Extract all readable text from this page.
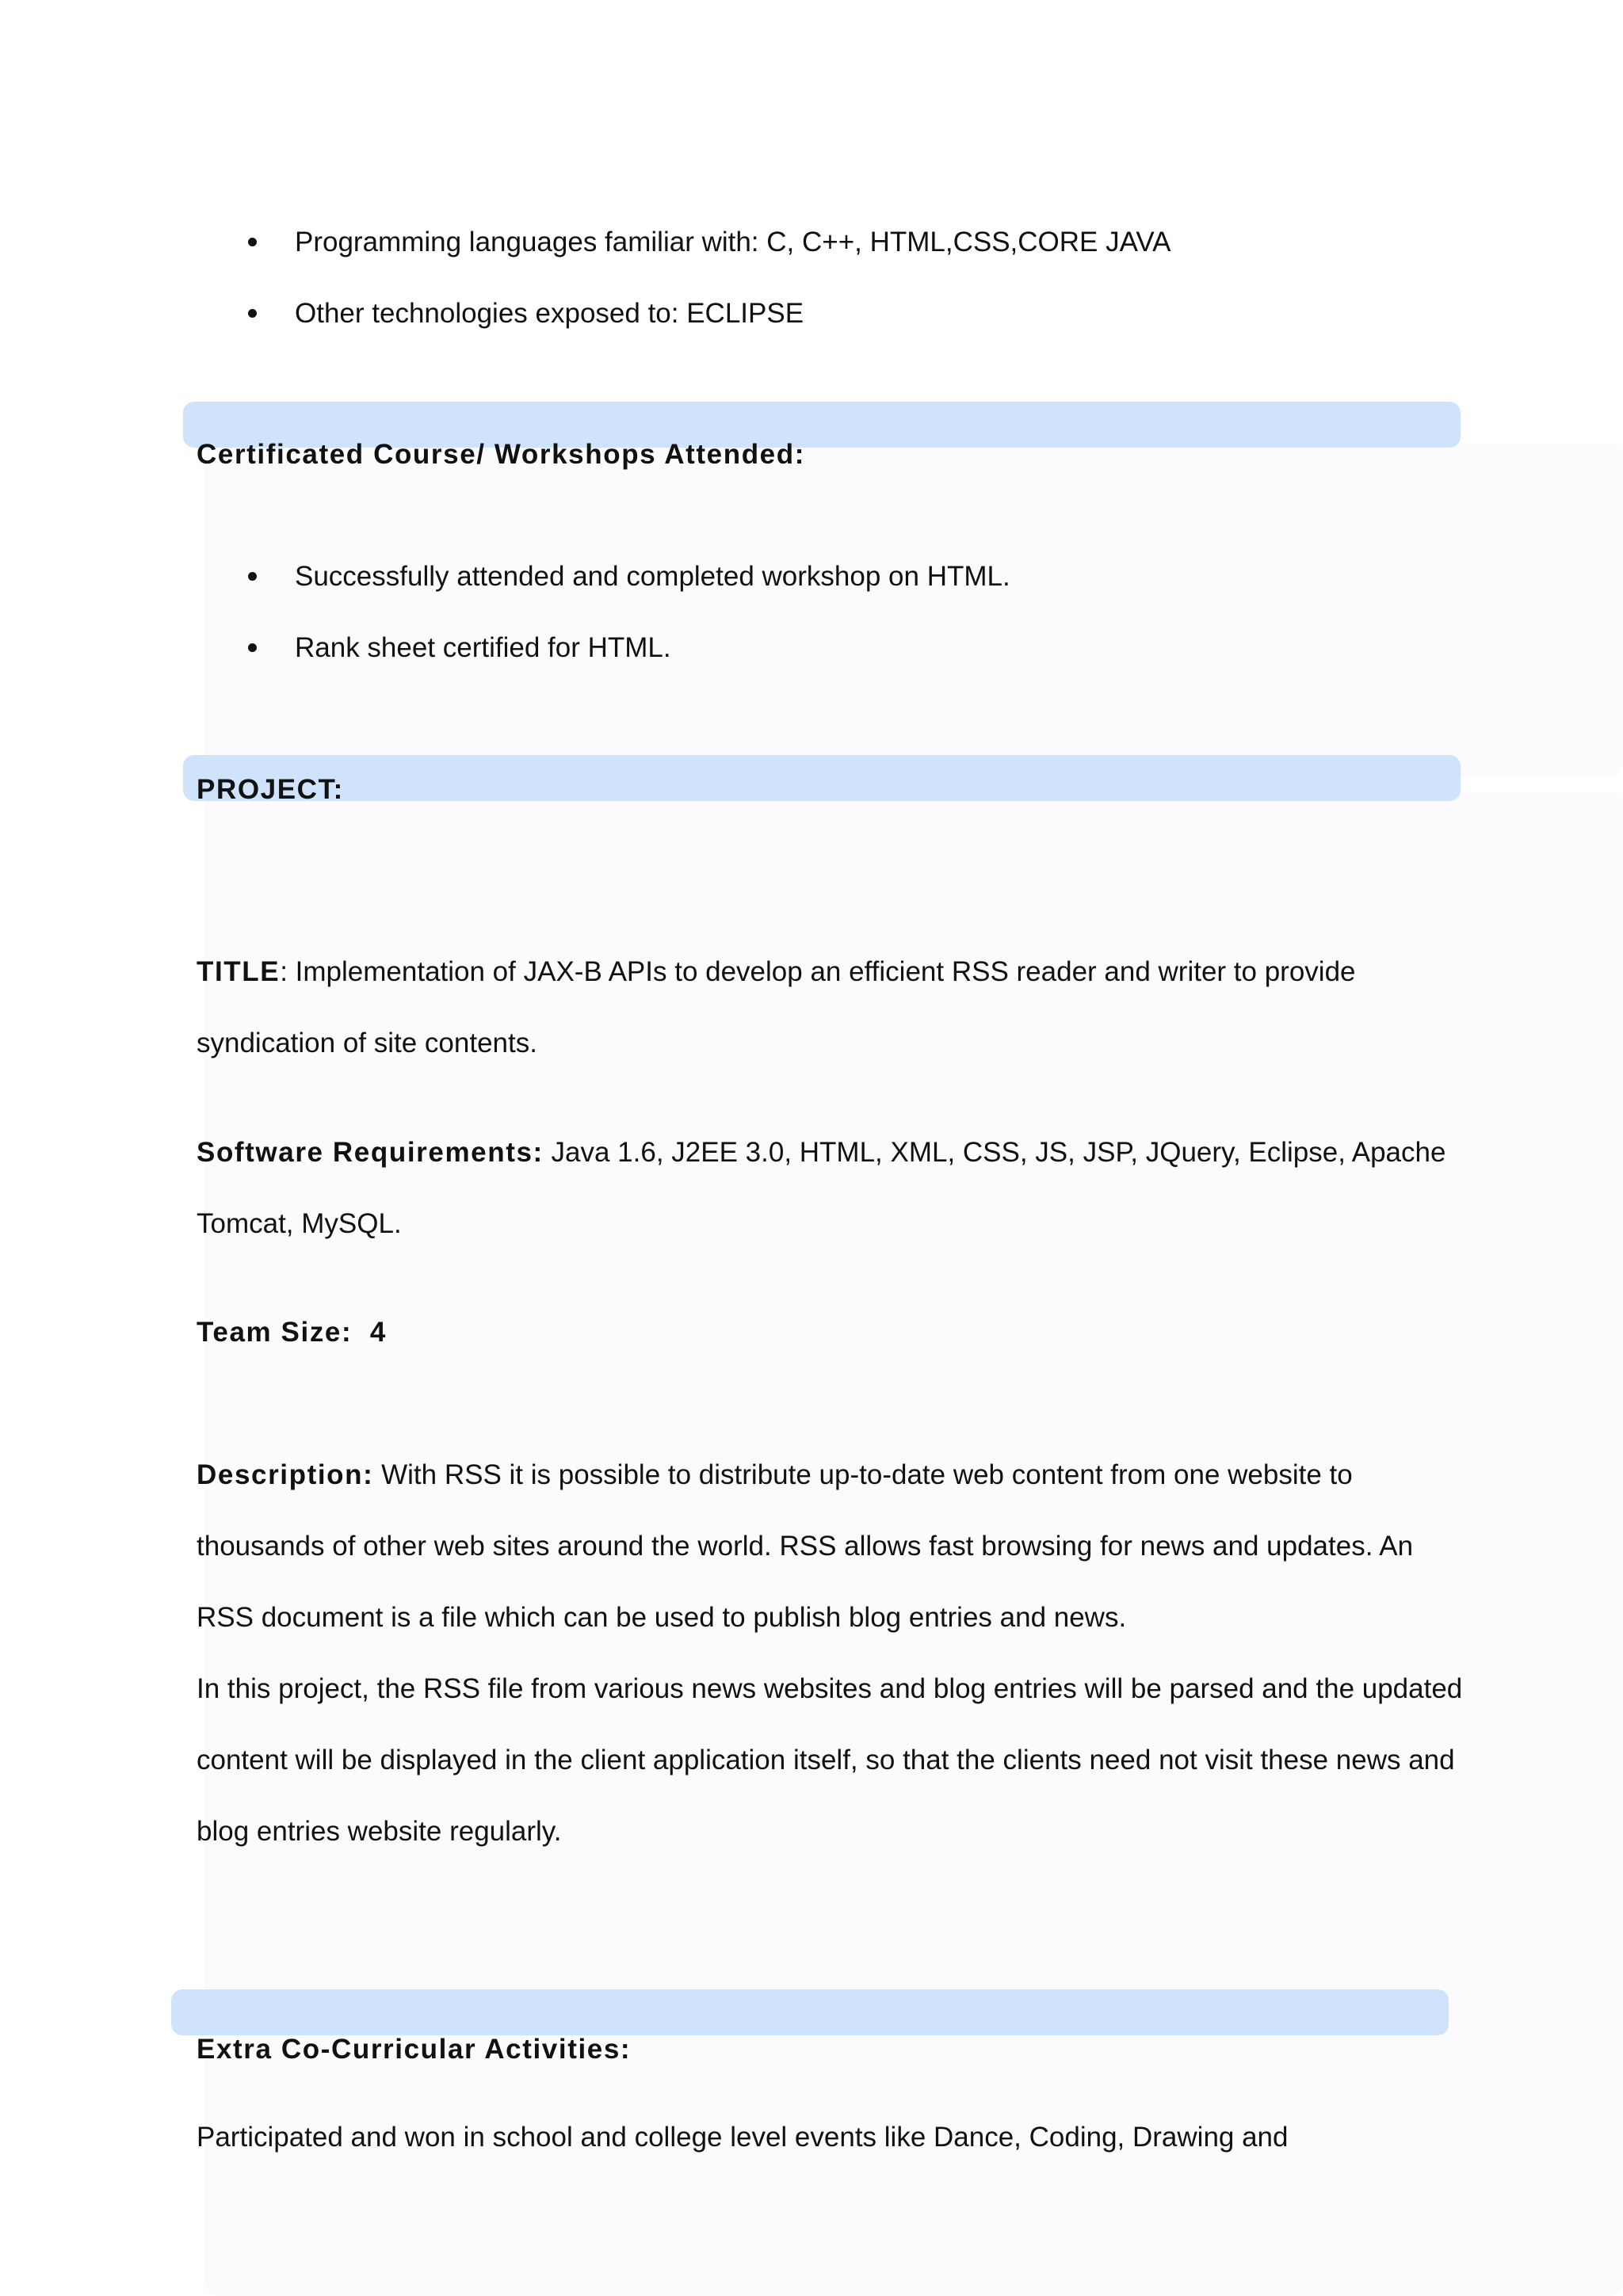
Programming languages familiar with: C, C++, HTML,CSS,CORE JAVA
Other technologies exposed to: ECLIPSE
Certificated Course/ Workshops Attended:
Successfully attended and completed workshop on HTML.
Rank sheet certified for HTML.
PROJECT:

TITLE: Implementation of JAX-B APIs to develop an efficient RSS reader and writer to provide syndication of site contents.

Software Requirements: Java 1.6, J2EE 3.0, HTML, XML, CSS, JS, JSP, JQuery, Eclipse, Apache Tomcat, MySQL.

Team Size: 4

Description: With RSS it is possible to distribute up-to-date web content from one website to thousands of other web sites around the world. RSS allows fast browsing for news and updates. An RSS document is a file which can be used to publish blog entries and news.

In this project, the RSS file from various news websites and blog entries will be parsed and the updated content will be displayed in the client application itself, so that the clients need not visit these news and blog entries website regularly.

Extra Co-Curricular Activities:

Participated and won in school and college level events like Dance, Coding, Drawing and
